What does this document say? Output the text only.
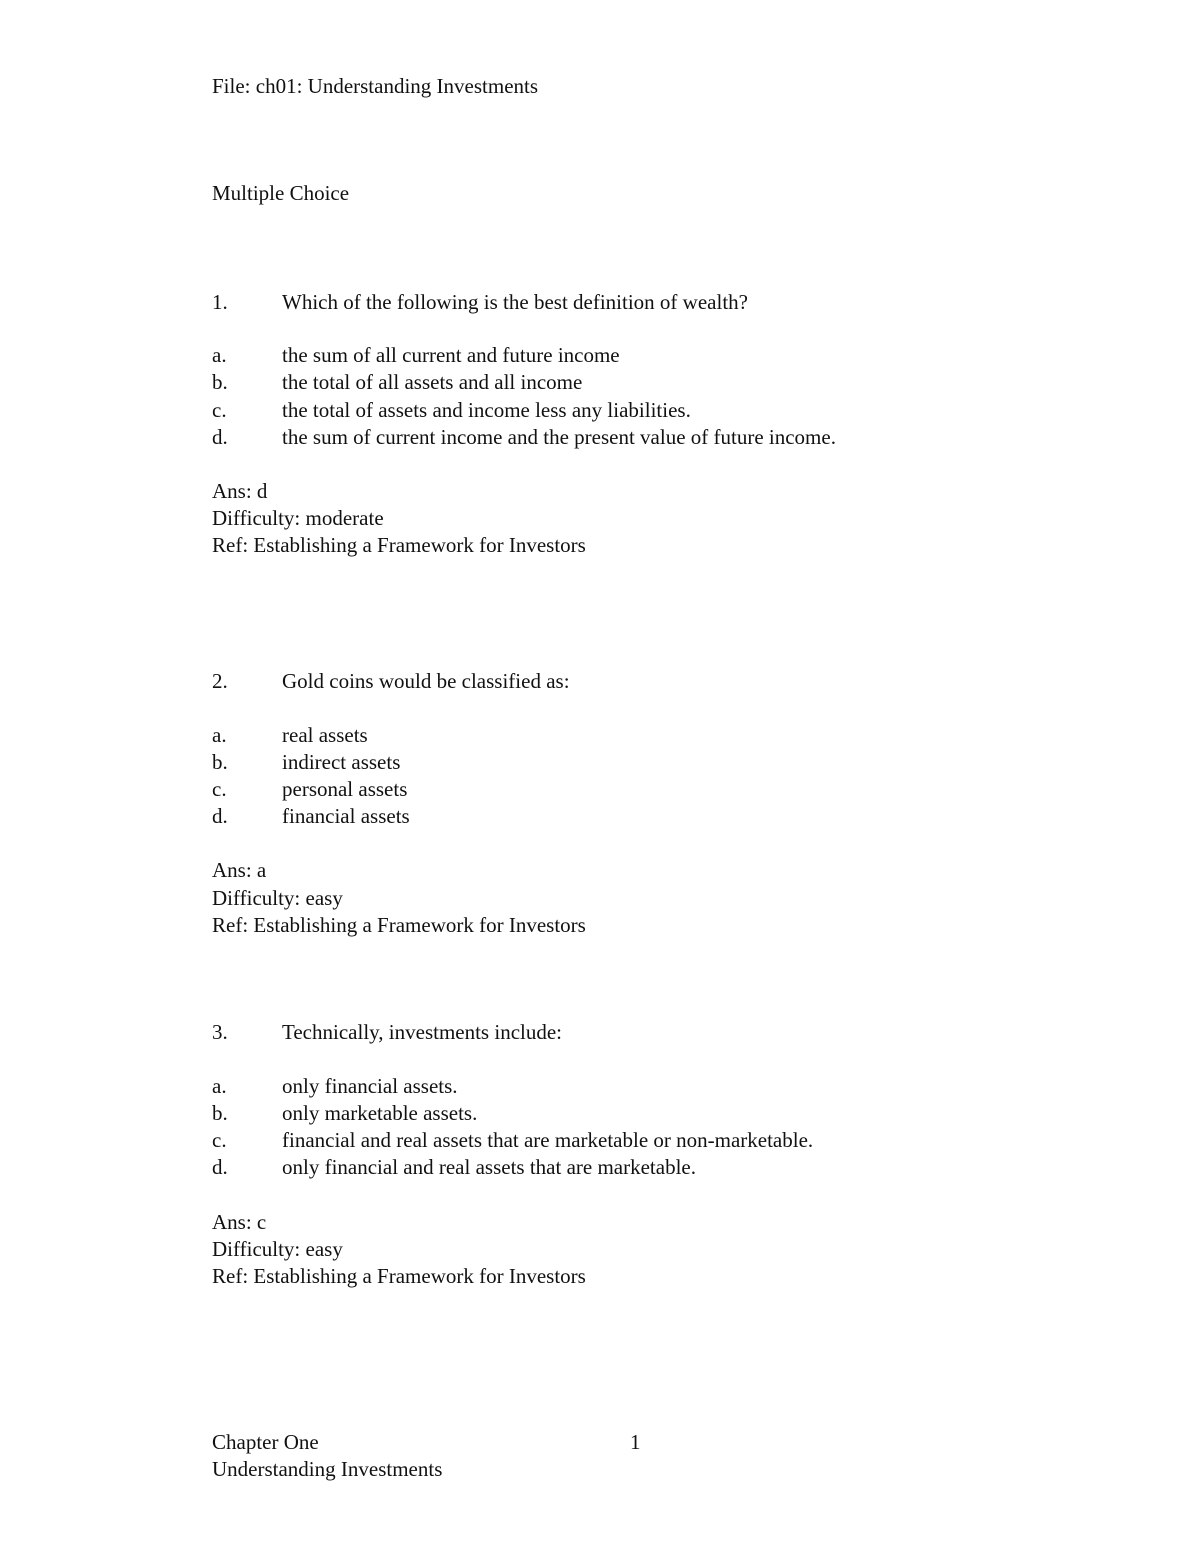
File: ch01: Understanding Investments
Multiple Choice
1.	Which of the following is the best definition of wealth?
a.	the sum of all current and future income
b.	the total of all assets and all income
c.	the total of assets and income less any liabilities.
d.	the sum of current income and the present value of future income.
Ans: d
Difficulty: moderate
Ref: Establishing a Framework for Investors
2.	Gold coins would be classified as:
a.	real assets
b.	indirect assets
c.	personal assets
d.	financial assets
Ans: a
Difficulty: easy
Ref: Establishing a Framework for Investors
3.	Technically, investments include:
a.	only financial assets.
b.	only marketable assets.
c.	financial and real assets that are marketable or non-marketable.
d.	only financial and real assets that are marketable.
Ans: c
Difficulty: easy
Ref: Establishing a Framework for Investors
Chapter One	1
Understanding Investments
